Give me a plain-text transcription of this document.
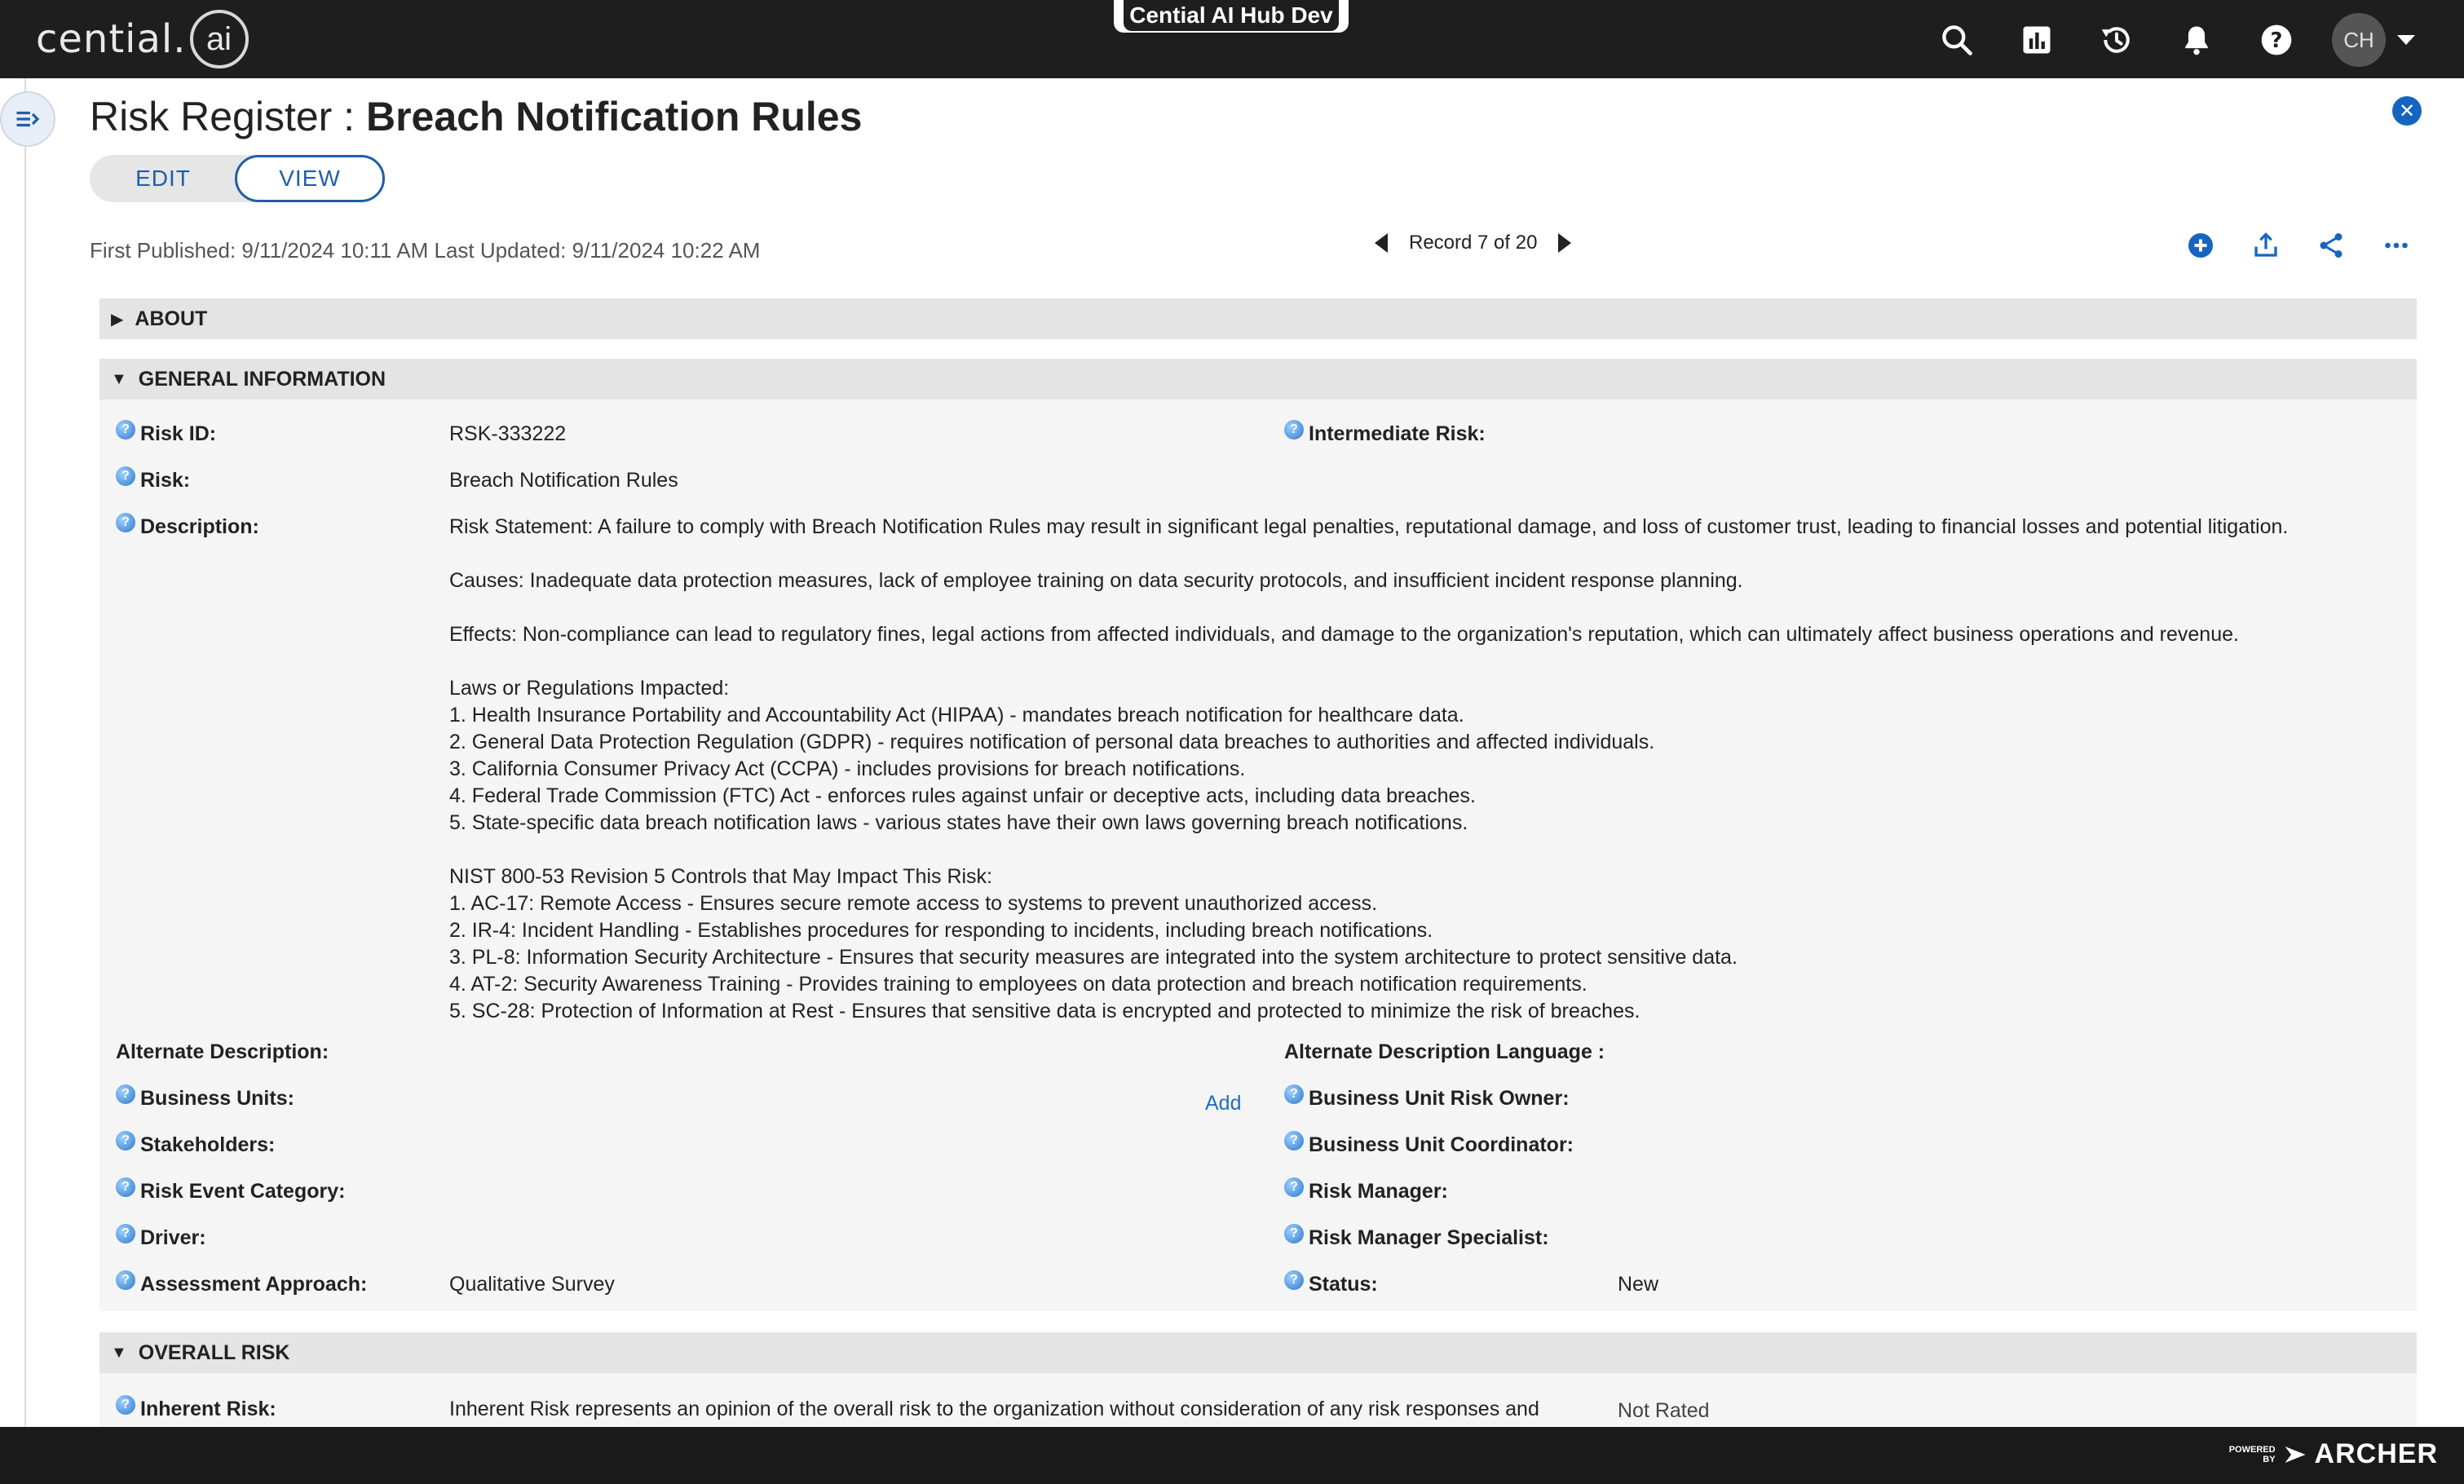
cential. ai
Cential AI Hub Dev
?	CH
Risk Register : Breach Notification Rules	✕
EDIT	VIEW
First Published: 9/11/2024 10:11 AM Last Updated: 9/11/2024 10:22 AM	Record 7 of 20
▶ ABOUT
▼ GENERAL INFORMATION
? Risk ID:	RSK-333222	? Intermediate Risk:
? Risk:	Breach Notification Rules
? Description:	Risk Statement: A failure to comply with Breach Notification Rules may result in significant legal penalties, reputational damage, and loss of customer trust, leading to financial losses and potential litigation.
Causes: Inadequate data protection measures, lack of employee training on data security protocols, and insufficient incident response planning.
Effects: Non-compliance can lead to regulatory fines, legal actions from affected individuals, and damage to the organization's reputation, which can ultimately affect business operations and revenue.
Laws or Regulations Impacted:
1. Health Insurance Portability and Accountability Act (HIPAA) - mandates breach notification for healthcare data.
2. General Data Protection Regulation (GDPR) - requires notification of personal data breaches to authorities and affected individuals.
3. California Consumer Privacy Act (CCPA) - includes provisions for breach notifications.
4. Federal Trade Commission (FTC) Act - enforces rules against unfair or deceptive acts, including data breaches.
5. State-specific data breach notification laws - various states have their own laws governing breach notifications.
NIST 800-53 Revision 5 Controls that May Impact This Risk:
1. AC-17: Remote Access - Ensures secure remote access to systems to prevent unauthorized access.
2. IR-4: Incident Handling - Establishes procedures for responding to incidents, including breach notifications.
3. PL-8: Information Security Architecture - Ensures that security measures are integrated into the system architecture to protect sensitive data.
4. AT-2: Security Awareness Training - Provides training to employees on data protection and breach notification requirements.
5. SC-28: Protection of Information at Rest - Ensures that sensitive data is encrypted and protected to minimize the risk of breaches.
Alternate Description:	Alternate Description Language :
? Business Units:	Add	? Business Unit Risk Owner:
? Stakeholders:	? Business Unit Coordinator:
? Risk Event Category:	? Risk Manager:
? Driver:	? Risk Manager Specialist:
? Assessment Approach:	Qualitative Survey	? Status:	New
▼ OVERALL RISK
? Inherent Risk:	Inherent Risk represents an opinion of the overall risk to the organization without consideration of any risk responses and	Not Rated
POWERED BY ARCHER
